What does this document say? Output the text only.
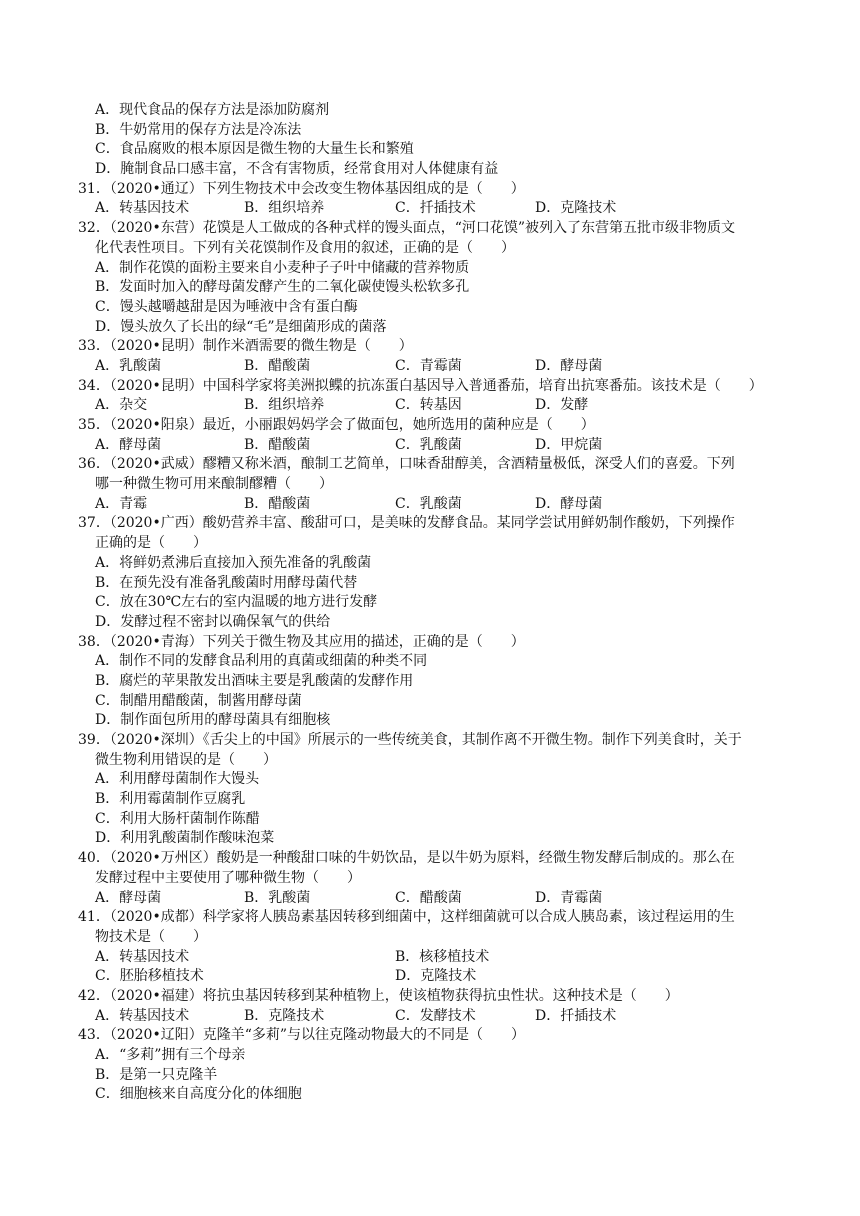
A．现代食品的保存方法是添加防腐剂
B．牛奶常用的保存方法是冷冻法
C．食品腐败的根本原因是微生物的大量生长和繁殖
D．腌制食品口感丰富，不含有害物质，经常食用对人体健康有益
31．（2020•通辽）下列生物技术中会改变生物体基因组成的是（　　）
A．转基因技术	B．组织培养	C．扦插技术	D．克隆技术
32．（2020•东营）花馍是人工做成的各种式样的馒头面点，“河口花馍”被列入了东营第五批市级非物质文
化代表性项目。下列有关花馍制作及食用的叙述，正确的是（　　）
A．制作花馍的面粉主要来自小麦种子子叶中储藏的营养物质
B．发面时加入的酵母菌发酵产生的二氧化碳使馒头松软多孔
C．馒头越嚼越甜是因为唾液中含有蛋白酶
D．馒头放久了长出的绿“毛”是细菌形成的菌落
33．（2020•昆明）制作米酒需要的微生物是（　　）
A．乳酸菌	B．醋酸菌	C．青霉菌	D．酵母菌
34．（2020•昆明）中国科学家将美洲拟鲽的抗冻蛋白基因导入普通番茄，培育出抗寒番茄。该技术是（　　）
A．杂交	B．组织培养	C．转基因	D．发酵
35．（2020•阳泉）最近，小丽跟妈妈学会了做面包，她所选用的菌种应是（　　）
A．酵母菌	B．醋酸菌	C．乳酸菌	D．甲烷菌
36．（2020•武威）醪糟又称米酒，酿制工艺简单，口味香甜醇美，含酒精量极低，深受人们的喜爱。下列
哪一种微生物可用来酿制醪糟（　　）
A．青霉	B．醋酸菌	C．乳酸菌	D．酵母菌
37．（2020•广西）酸奶营养丰富、酸甜可口，是美味的发酵食品。某同学尝试用鲜奶制作酸奶，下列操作
正确的是（　　）
A．将鲜奶煮沸后直接加入预先准备的乳酸菌
B．在预先没有准备乳酸菌时用酵母菌代替
C．放在30℃左右的室内温暖的地方进行发酵
D．发酵过程不密封以确保氧气的供给
38．（2020•青海）下列关于微生物及其应用的描述，正确的是（　　）
A．制作不同的发酵食品利用的真菌或细菌的种类不同
B．腐烂的苹果散发出酒味主要是乳酸菌的发酵作用
C．制醋用醋酸菌，制酱用酵母菌
D．制作面包所用的酵母菌具有细胞核
39．（2020•深圳）《舌尖上的中国》所展示的一些传统美食，其制作离不开微生物。制作下列美食时，关于
微生物利用错误的是（　　）
A．利用酵母菌制作大馒头
B．利用霉菌制作豆腐乳
C．利用大肠杆菌制作陈醋
D．利用乳酸菌制作酸味泡菜
40．（2020•万州区）酸奶是一种酸甜口味的牛奶饮品，是以牛奶为原料，经微生物发酵后制成的。那么在
发酵过程中主要使用了哪种微生物（　　）
A．酵母菌	B．乳酸菌	C．醋酸菌	D．青霉菌
41．（2020•成都）科学家将人胰岛素基因转移到细菌中，这样细菌就可以合成人胰岛素，该过程运用的生
物技术是（　　）
A．转基因技术	B．核移植技术
C．胚胎移植技术	D．克隆技术
42．（2020•福建）将抗虫基因转移到某种植物上，使该植物获得抗虫性状。这种技术是（　　）
A．转基因技术	B．克隆技术	C．发酵技术	D．扦插技术
43．（2020•辽阳）克隆羊“多莉”与以往克隆动物最大的不同是（　　）
A．“多莉”拥有三个母亲
B．是第一只克隆羊
C．细胞核来自高度分化的体细胞
